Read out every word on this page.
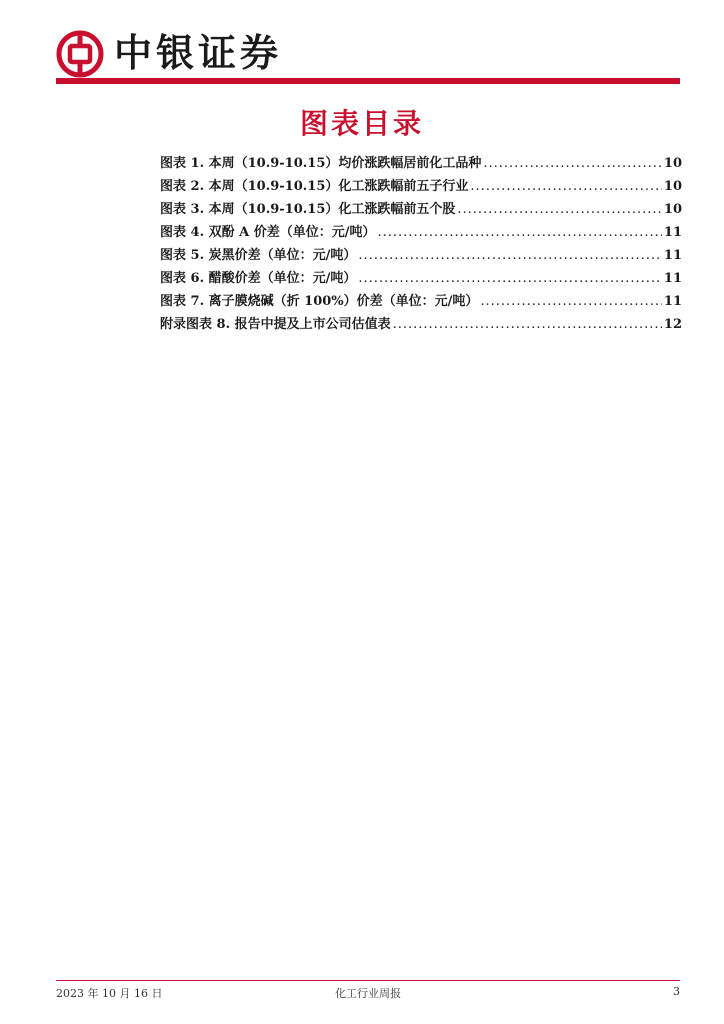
中银证券
图表目录
图表 1. 本周（10.9-10.15）均价涨跌幅居前化工品种 .....	10
图表 2. 本周（10.9-10.15）化工涨跌幅前五子行业 .....	10
图表 3. 本周（10.9-10.15）化工涨跌幅前五个股 .....	10
图表 4. 双酚 A 价差（单位：元/吨） .....	11
图表 5. 炭黑价差（单位：元/吨） .....	11
图表 6. 醋酸价差（单位：元/吨） .....	11
图表 7. 离子膜烧碱（折 100%）价差（单位：元/吨） .....	11
附录图表 8. 报告中提及上市公司估值表 .....	12
2023 年 10 月 16 日	化工行业周报	3
